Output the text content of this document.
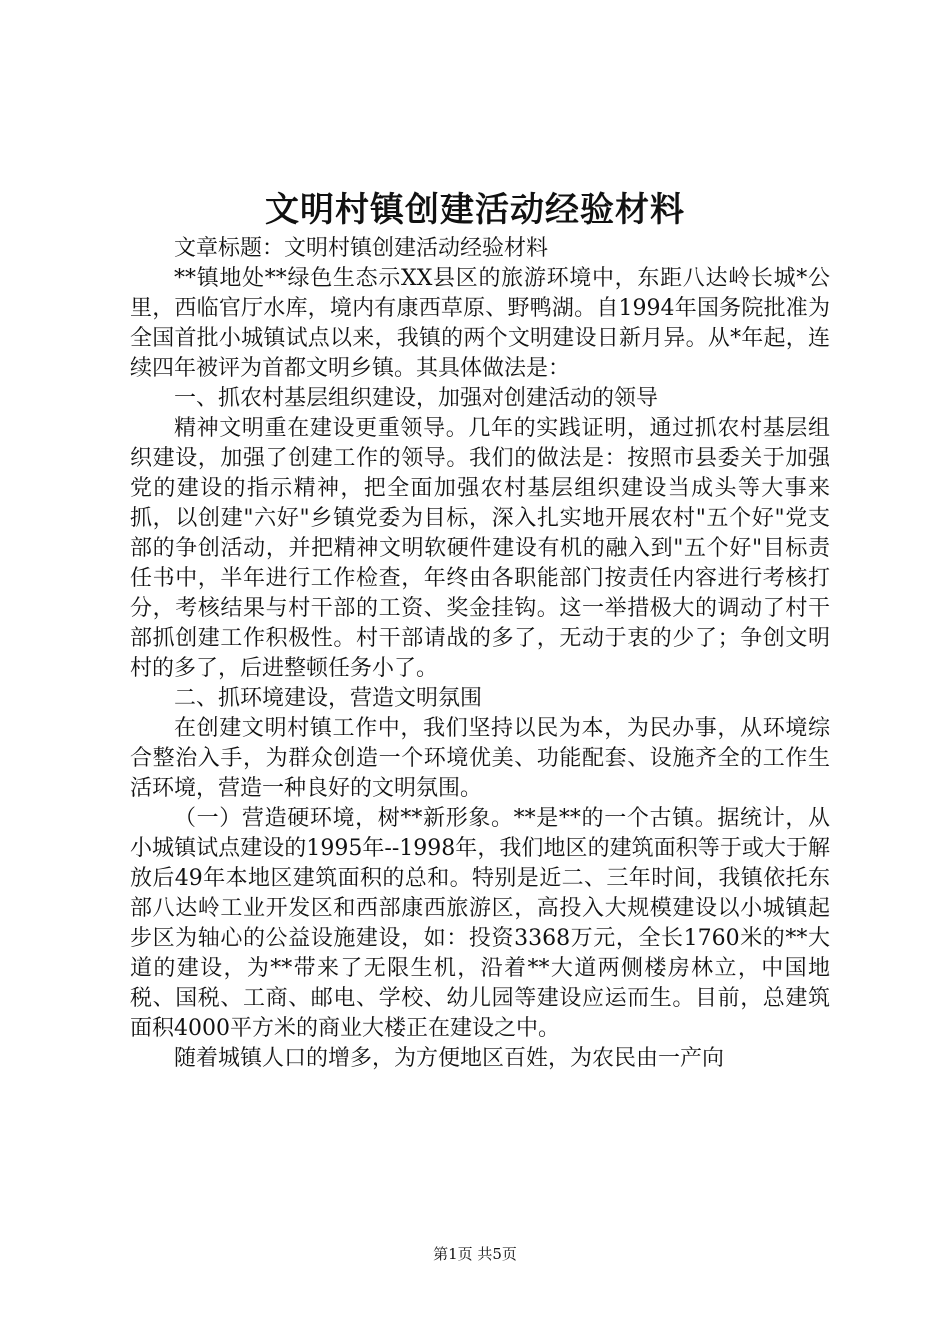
文明村镇创建活动经验材料

文章标题：文明村镇创建活动经验材料

**镇地处**绿色生态示XX县区的旅游环境中，东距八达岭长城*公里，西临官厅水库，境内有康西草原、野鸭湖。自1994年国务院批准为全国首批小城镇试点以来，我镇的两个文明建设日新月异。从*年起，连续四年被评为首都文明乡镇。其具体做法是：

一、抓农村基层组织建设，加强对创建活动的领导

精神文明重在建设更重领导。几年的实践证明，通过抓农村基层组织建设，加强了创建工作的领导。我们的做法是：按照市县委关于加强党的建设的指示精神，把全面加强农村基层组织建设当成头等大事来抓，以创建"六好"乡镇党委为目标，深入扎实地开展农村"五个好"党支部的争创活动，并把精神文明软硬件建设有机的融入到"五个好"目标责任书中，半年进行工作检查，年终由各职能部门按责任内容进行考核打分，考核结果与村干部的工资、奖金挂钩。这一举措极大的调动了村干部抓创建工作积极性。村干部请战的多了，无动于衷的少了；争创文明村的多了，后进整顿任务小了。

二、抓环境建设，营造文明氛围

在创建文明村镇工作中，我们坚持以民为本，为民办事，从环境综合整治入手，为群众创造一个环境优美、功能配套、设施齐全的工作生活环境，营造一种良好的文明氛围。

（一）营造硬环境，树**新形象。**是**的一个古镇。据统计，从小城镇试点建设的1995年--1998年，我们地区的建筑面积等于或大于解放后49年本地区建筑面积的总和。特别是近二、三年时间，我镇依托东部八达岭工业开发区和西部康西旅游区，高投入大规模建设以小城镇起步区为轴心的公益设施建设，如：投资3368万元，全长1760米的**大道的建设，为**带来了无限生机，沿着**大道两侧楼房林立，中国地税、国税、工商、邮电、学校、幼儿园等建设应运而生。目前，总建筑面积4000平方米的商业大楼正在建设之中。

随着城镇人口的增多，为方便地区百姓，为农民由一产向

第1页 共5页
